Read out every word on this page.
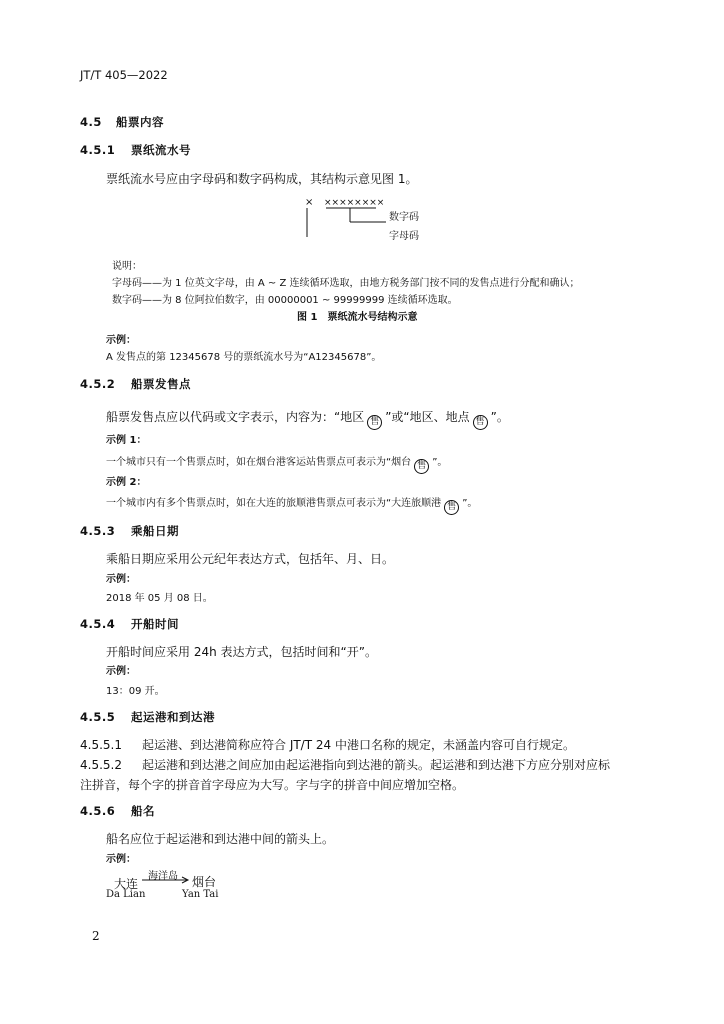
JT/T 405—2022
4.5 船票内容
4.5.1 票纸流水号
票纸流水号应由字母码和数字码构成，其结构示意见图 1。
× ××××××××
数字码
字母码
说明：
字母码——为 1 位英文字母，由 A ~ Z 连续循环选取，由地方税务部门按不同的发售点进行分配和确认；
数字码——为 8 位阿拉伯数字，由 00000001 ~ 99999999 连续循环选取。
图 1　票纸流水号结构示意
示例：
A 发售点的第 12345678 号的票纸流水号为“A12345678”。
4.5.2 船票发售点
船票发售点应以代码或文字表示，内容为：“地区 售 ”或“地区、地点 售 ”。
示例 1：
一个城市只有一个售票点时，如在烟台港客运站售票点可表示为“烟台 售 ”。
示例 2：
一个城市内有多个售票点时，如在大连的旅顺港售票点可表示为“大连旅顺港 售 ”。
4.5.3 乘船日期
乘船日期应采用公元纪年表达方式，包括年、月、日。
示例：
2018 年 05 月 08 日。
4.5.4 开船时间
开船时间应采用 24h 表达方式，包括时间和“开”。
示例：
13：09 开。
4.5.5 起运港和到达港
4.5.5.1 起运港、到达港简称应符合 JT/T 24 中港口名称的规定，未涵盖内容可自行规定。
4.5.5.2 起运港和到达港之间应加由起运港指向到达港的箭头。起运港和到达港下方应分别对应标
注拼音，每个字的拼音首字母应为大写。字与字的拼音中间应增加空格。
4.5.6 船名
船名应位于起运港和到达港中间的箭头上。
示例：
海洋岛
大连	烟台
Da Lian	Yan Tai
2
